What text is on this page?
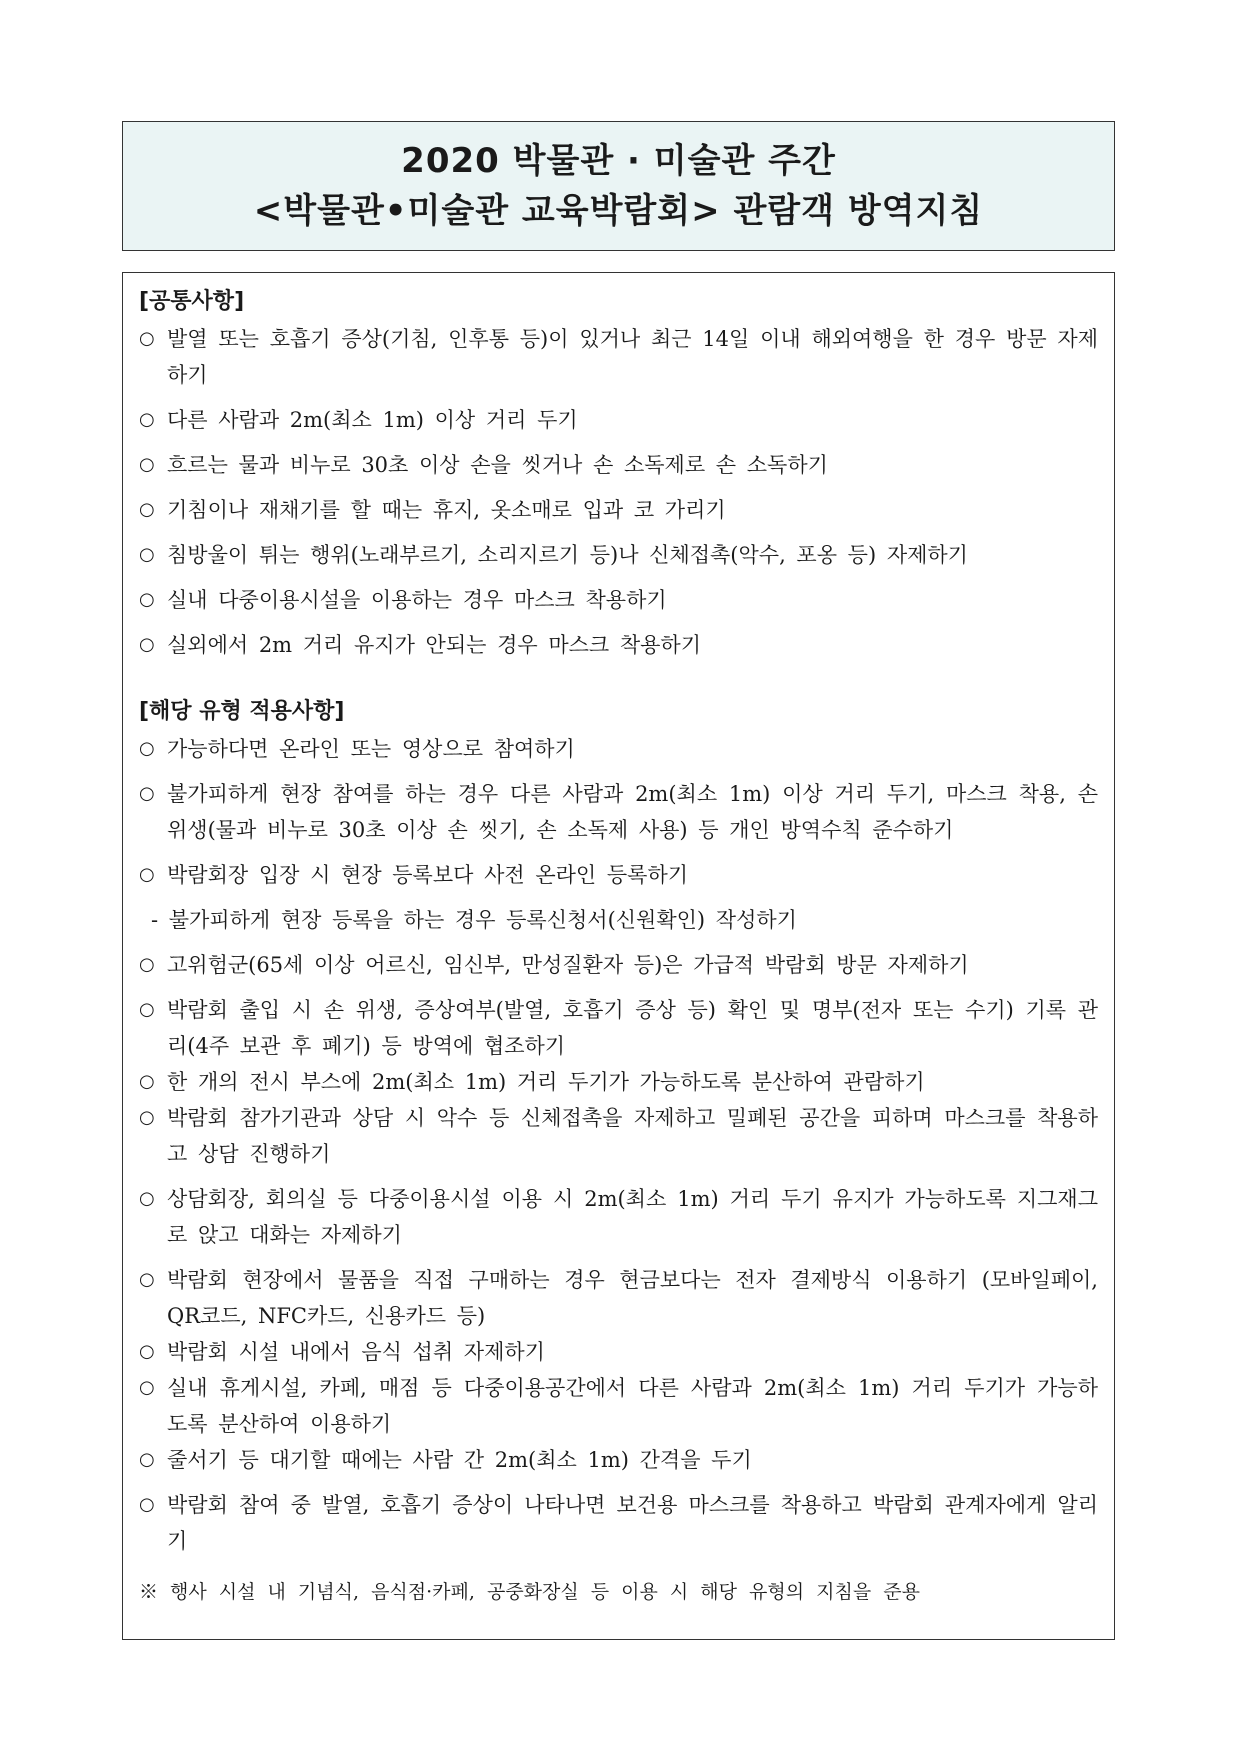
2020 박물관 · 미술관 주간
<박물관•미술관 교육박람회> 관람객 방역지침
[공통사항]
○ 발열 또는 호흡기 증상(기침, 인후통 등)이 있거나 최근 14일 이내 해외여행을 한 경우 방문 자제하기
○ 다른 사람과 2m(최소 1m) 이상 거리 두기
○ 흐르는 물과 비누로 30초 이상 손을 씻거나 손 소독제로 손 소독하기
○ 기침이나 재채기를 할 때는 휴지, 옷소매로 입과 코 가리기
○ 침방울이 튀는 행위(노래부르기, 소리지르기 등)나 신체접촉(악수, 포옹 등) 자제하기
○ 실내 다중이용시설을 이용하는 경우 마스크 착용하기
○ 실외에서 2m 거리 유지가 안되는 경우 마스크 착용하기
[해당 유형 적용사항]
○ 가능하다면 온라인 또는 영상으로 참여하기
○ 불가피하게 현장 참여를 하는 경우 다른 사람과 2m(최소 1m) 이상 거리 두기, 마스크 착용, 손위생(물과 비누로 30초 이상 손 씻기, 손 소독제 사용) 등 개인 방역수칙 준수하기
○ 박람회장 입장 시 현장 등록보다 사전 온라인 등록하기
- 불가피하게 현장 등록을 하는 경우 등록신청서(신원확인) 작성하기
○ 고위험군(65세 이상 어르신, 임신부, 만성질환자 등)은 가급적 박람회 방문 자제하기
○ 박람회 출입 시 손 위생, 증상여부(발열, 호흡기 증상 등) 확인 및 명부(전자 또는 수기) 기록 관리(4주 보관 후 폐기) 등 방역에 협조하기
○ 한 개의 전시 부스에 2m(최소 1m) 거리 두기가 가능하도록 분산하여 관람하기
○ 박람회 참가기관과 상담 시 악수 등 신체접촉을 자제하고 밀폐된 공간을 피하며 마스크를 착용하고 상담 진행하기
○ 상담회장, 회의실 등 다중이용시설 이용 시 2m(최소 1m) 거리 두기 유지가 가능하도록 지그재그로 앉고 대화는 자제하기
○ 박람회 현장에서 물품을 직접 구매하는 경우 현금보다는 전자 결제방식 이용하기 (모바일페이, QR코드, NFC카드, 신용카드 등)
○ 박람회 시설 내에서 음식 섭취 자제하기
○ 실내 휴게시설, 카페, 매점 등 다중이용공간에서 다른 사람과 2m(최소 1m) 거리 두기가 가능하도록 분산하여 이용하기
○ 줄서기 등 대기할 때에는 사람 간 2m(최소 1m) 간격을 두기
○ 박람회 참여 중 발열, 호흡기 증상이 나타나면 보건용 마스크를 착용하고 박람회 관계자에게 알리기
※ 행사 시설 내 기념식, 음식점·카페, 공중화장실 등 이용 시 해당 유형의 지침을 준용
